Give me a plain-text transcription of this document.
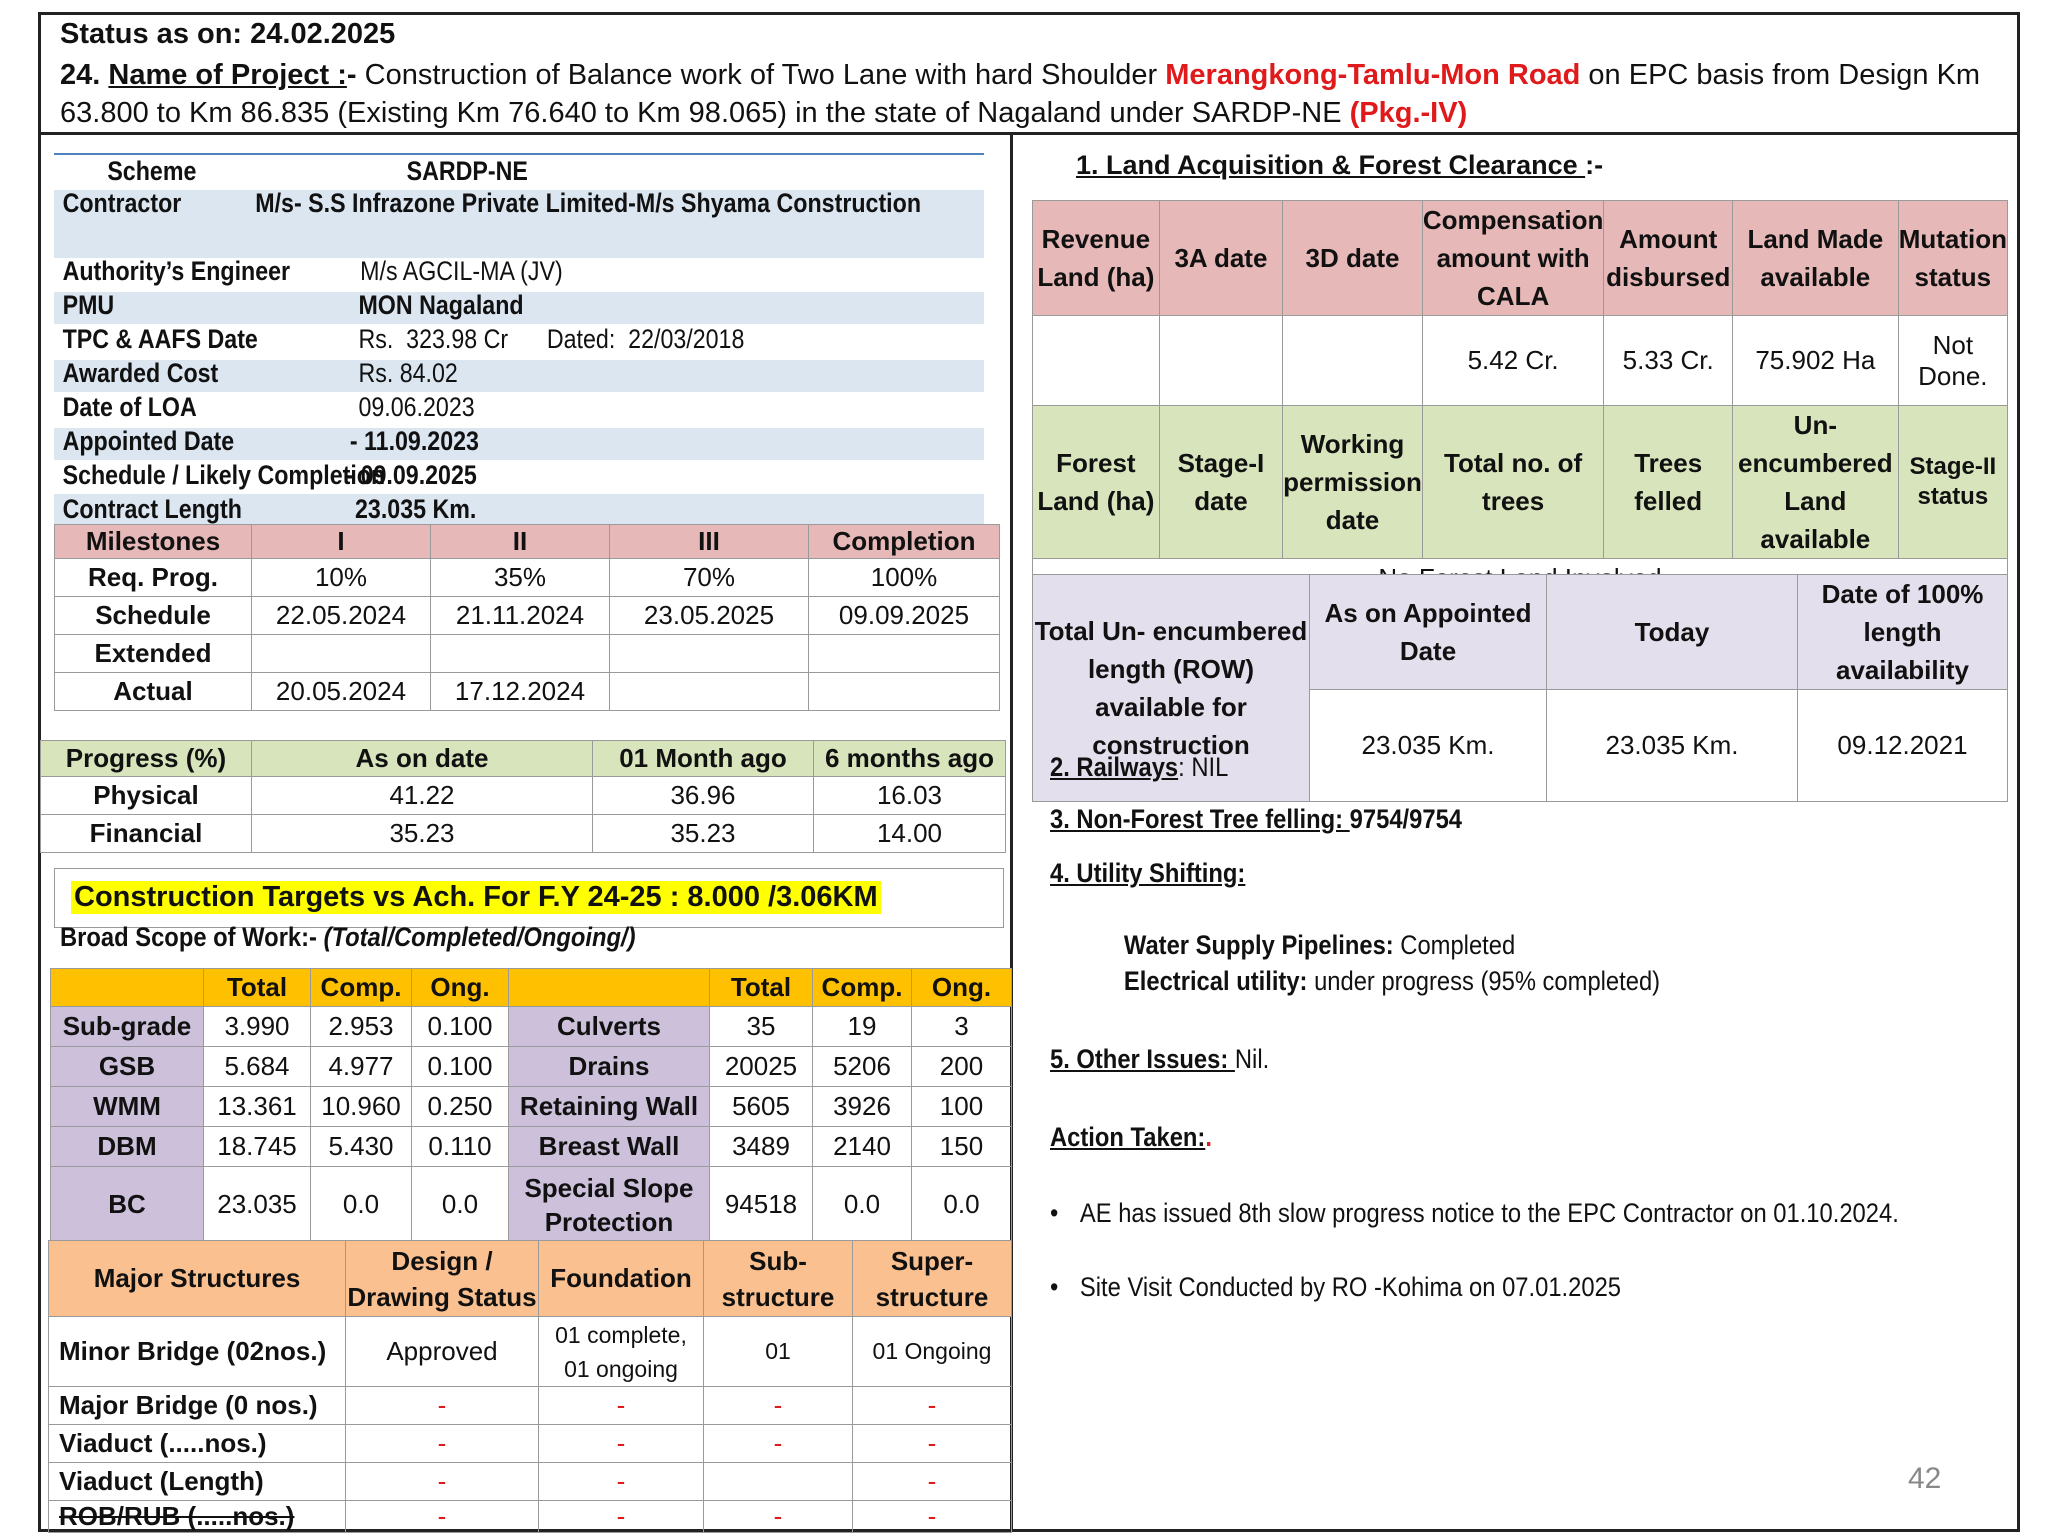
Status as on: 24.02.2025
24. Name of Project :- Construction of Balance work of Two Lane with hard Shoulder Merangkong-Tamlu-Mon Road on EPC basis from Design Km 63.800 to Km 86.835 (Existing Km 76.640 to Km 98.065) in the state of Nagaland under SARDP-NE (Pkg.-IV)
Scheme	SARDP-NE
Contractor	M/s- S.S Infrazone Private Limited-M/s Shyama Construction
Authority’s Engineer	M/s AGCIL-MA (JV)
PMU	MON Nagaland
TPC & AAFS Date	Rs.  323.98 Cr      Dated:  22/03/2018
Awarded Cost	Rs. 84.02
Date of LOA	09.06.2023
Appointed Date	- 11.09.2023
Schedule / Likely Completion
- 09.09.2025
Contract Length	23.035 Km.
Milestones	I	II	III	Completion
Req. Prog.	10%	35%	70%	100%
Schedule	22.05.2024	21.11.2024	23.05.2025	09.09.2025
Extended				
Actual	20.05.2024	17.12.2024		
Progress (%)	As on date	01 Month ago	6 months ago
Physical	41.22	36.96	16.03
Financial	35.23	35.23	14.00
Construction Targets vs Ach. For F.Y 24-25 : 8.000 /3.06KM
Broad Scope of Work:- (Total/Completed/Ongoing/)
	Total	Comp.	Ong.		Total	Comp.	Ong.
Sub-grade	3.990	2.953	0.100	Culverts	35	19	3
GSB	5.684	4.977	0.100	Drains	20025	5206	200
WMM	13.361	10.960	0.250	Retaining Wall	5605	3926	100
DBM	18.745	5.430	0.110	Breast Wall	3489	2140	150
BC	23.035	0.0	0.0	Special Slope Protection	94518	0.0	0.0
Major Structures	Design / Drawing Status	Foundation	Sub-structure	Super-structure
Minor Bridge (02nos.)	Approved	01 complete, 01 ongoing	01	01 Ongoing
Major Bridge (0 nos.)	-	-	-	-
Viaduct (.....nos.)	-	-	-	-
Viaduct (Length)	-	-		-
ROB/RUB (.....nos.)	-	-	-	-
1. Land Acquisition & Forest Clearance :-
Revenue Land (ha)	3A date	3D date	Compensation amount with CALA	Amount disbursed	Land Made available	Mutation status
			5.42 Cr.	5.33 Cr.	75.902 Ha	Not Done.
Forest Land (ha)	Stage-I date	Working permission date	Total no. of trees	Trees felled	Un-encumbered Land available	Stage-II status

Total Un- encumbered length (ROW) available for construction	As on Appointed Date	Today	Date of 100% length availability
	23.035 Km.	23.035 Km.	09.12.2021
2. Railways: NIL
3. Non-Forest Tree felling: 9754/9754
4. Utility Shifting:
Water Supply Pipelines: Completed
Electrical utility: under progress (95% completed)
5. Other Issues: Nil.
Action Taken:.
• AE has issued 8th slow progress notice to the EPC Contractor on 01.10.2024.
• Site Visit Conducted by RO -Kohima on 07.01.2025
42
